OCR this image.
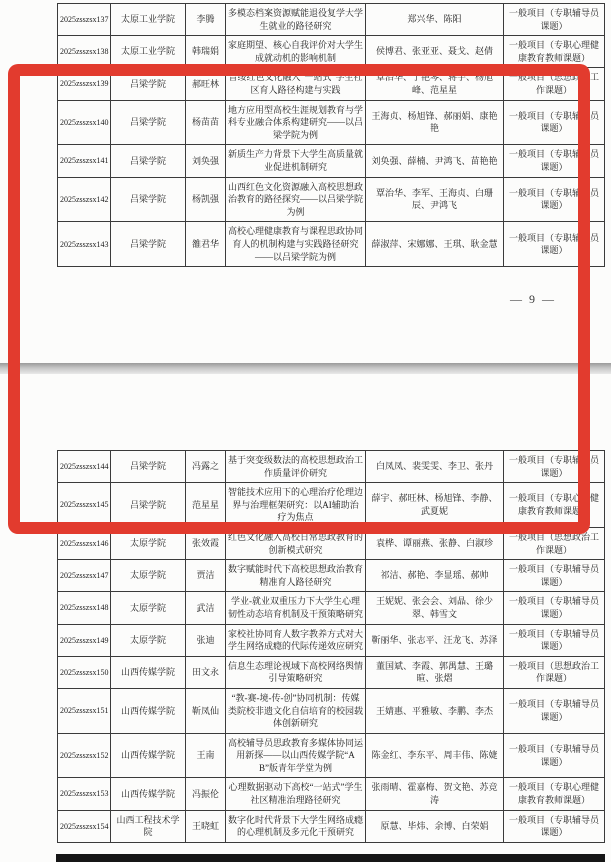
2025zsszsx137	太原工业学院	李腾	多模态档案资源赋能退役复学大学生就业的路径研究	郑兴华、陈阳	一般项目（专职辅导员课题）
2025zsszsx138	太原工业学院	韩瑞娟	家庭期望、核心自我评价对大学生成就动机的影响机制	侯博君、张亚亚、聂戈、赵倩	一般项目（专职心理健康教育教师课题）
2025zsszsx139	吕梁学院	郝旺林	晋绥红色文化融入“一站式”学生社区育人路径构建与实践	覃治华、于艳琴、蒋宇、杨旭峰、范星星	一般项目（思想政治工作课题）
2025zsszsx140	吕梁学院	杨苗苗	地方应用型高校生涯规划教育与学科专业融合体系构建研究——以吕梁学院为例	王海贞、杨旭锋、郝丽娟、康艳艳	一般项目（专职辅导员课题）
2025zsszsx141	吕梁学院	刘奂强	新质生产力背景下大学生高质量就业促进机制研究	刘奂强、薛楠、尹鸿飞、苗艳艳	一般项目（专职辅导员课题）
2025zsszsx142	吕梁学院	杨凯强	山西红色文化资源融入高校思想政治教育的路径探究——以吕梁学院为例	覃治华、李军、王海贞、白珊辰、尹鸿飞	一般项目（专职辅导员课题）
2025zsszsx143	吕梁学院	雒君华	高校心理健康教育与课程思政协同育人的机制构建与实践路径研究——以吕梁学院为例	薛淑萍、宋娜娜、王琪、耿金慧	一般项目（专职辅导员课题）
— 9 —
2025zsszsx144	吕梁学院	冯露之	基于突变级数法的高校思想政治工作质量评价研究	白凤凤、裴雯雯、李卫、张丹	一般项目（专职辅导员课题）
2025zsszsx145	吕梁学院	范星星	智能技术应用下的心理治疗伦理边界与治理框架研究：以AI辅助治疗为焦点	薛宇、郝旺林、杨旭锋、李静、武夏妮	一般项目（专职心理健康教育教师课题）
2025zsszsx146	太原学院	张效霞	红色文化融入高校日常思政教育的创新模式研究	袁桦、谭丽燕、张静、白淑珍	一般项目（思想政治工作课题）
2025zsszsx147	太原学院	贾洁	数字赋能时代下高校思想政治教育精准育人路径研究	祁洁、郝艳、李显瑶、郝帅	一般项目（专职辅导员课题）
2025zsszsx148	太原学院	武洁	学业-就业双重压力下大学生心理韧性动态培育机制及干预策略研究	王妮妮、张会会、刘晶、徐少翠、韩雪文	一般项目（专职辅导员课题）
2025zsszsx149	太原学院	张迪	家校社协同育人数字教养方式对大学生网络成瘾的代际传递效应研究	靳丽华、张志平、汪龙飞、苏泽	一般项目（专职辅导员课题）
2025zsszsx150	山西传媒学院	田文永	信息生态理论视域下高校网络舆情引导策略研究	董国斌、李霞、郭禺慧、王璐暄、张熠	一般项目（思想政治工作课题）
2025zsszsx151	山西传媒学院	靳凤仙	“教-赛-境-传-创”协同机制：传媒类院校非遗文化自信培育的校园载体创新研究	王婧惠、平雅敏、李鹏、李杰	一般项目（专职辅导员课题）
2025zsszsx152	山西传媒学院	王南	高校辅导员思政教育多媒体协同运用新探——以山西传媒学院“AB”版青年学堂为例	陈金红、李东平、周丰伟、陈婕	一般项目（专职辅导员课题）
2025zsszsx153	山西传媒学院	冯振伦	心理数据驱动下高校“一站式”学生社区精准治理路径研究	张雨晴、霍嘉梅、贺文艳、苏竞涛	一般项目（专职心理健康教育教师课题）
2025zsszsx154	山西工程技术学院	王晓虹	数字化时代背景下大学生网络成瘾的心理机制及多元化干预研究	原慧、毕炜、余博、白荣娟	一般项目（专职辅导员课题）
